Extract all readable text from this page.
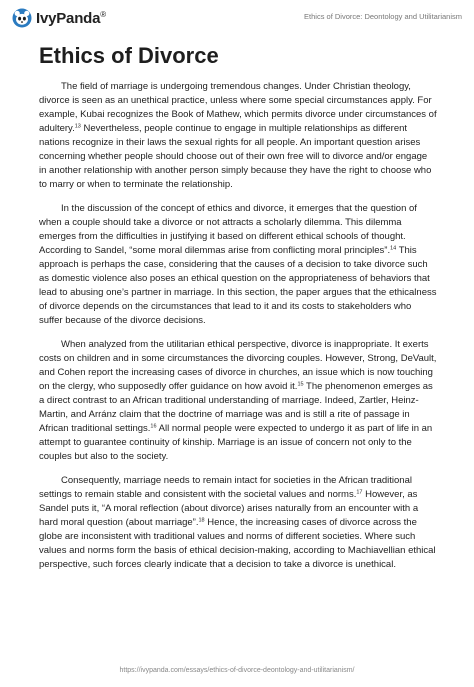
IvyPanda®	Ethics of Divorce: Deontology and Utilitarianism
Ethics of Divorce

The field of marriage is undergoing tremendous changes. Under Christian theology, divorce is seen as an unethical practice, unless where some special circumstances apply. For example, Kubai recognizes the Book of Mathew, which permits divorce under circumstances of adultery.$^{13}$ Nevertheless, people continue to engage in multiple relationships as different nations recognize in their laws the sexual rights for all people. An important question arises concerning whether people should choose out of their own free will to divorce and/or engage in another relationship with another person simply because they have the right to choose who to marry or when to terminate the relationship.

In the discussion of the concept of ethics and divorce, it emerges that the question of when a couple should take a divorce or not attracts a scholarly dilemma. This dilemma emerges from the difficulties in justifying it based on different ethical schools of thought. According to Sandel, “some moral dilemmas arise from conflicting moral principles”.$^{14}$ This approach is perhaps the case, considering that the causes of a decision to take divorce such as domestic violence also poses an ethical question on the appropriateness of behaviors that lead to abusing one’s partner in marriage. In this section, the paper argues that the ethicalness of divorce depends on the circumstances that lead to it and its costs to stakeholders who suffer because of the divorce decisions.

When analyzed from the utilitarian ethical perspective, divorce is inappropriate. It exerts costs on children and in some circumstances the divorcing couples. However, Strong, DeVault, and Cohen report the increasing cases of divorce in churches, an issue which is now touching on the clergy, who supposedly offer guidance on how avoid it.$^{15}$ The phenomenon emerges as a direct contrast to an African traditional understanding of marriage. Indeed, Zartler, Heinz-Martin, and Arránz claim that the doctrine of marriage was and is still a rite of passage in African traditional settings.$^{16}$ All normal people were expected to undergo it as part of life in an attempt to guarantee continuity of kinship. Marriage is an issue of concern not only to the couples but also to the society.

Consequently, marriage needs to remain intact for societies in the African traditional settings to remain stable and consistent with the societal values and norms.$^{17}$ However, as Sandel puts it, “A moral reflection (about divorce) arises naturally from an encounter with a hard moral question (about marriage”.$^{18}$ Hence, the increasing cases of divorce across the globe are inconsistent with traditional values and norms of different societies. Where such values and norms form the basis of ethical decision-making, according to Machiavellian ethical perspective, such forces clearly indicate that a decision to take a divorce is unethical.

https://ivypanda.com/essays/ethics-of-divorce-deontology-and-utilitarianism/
